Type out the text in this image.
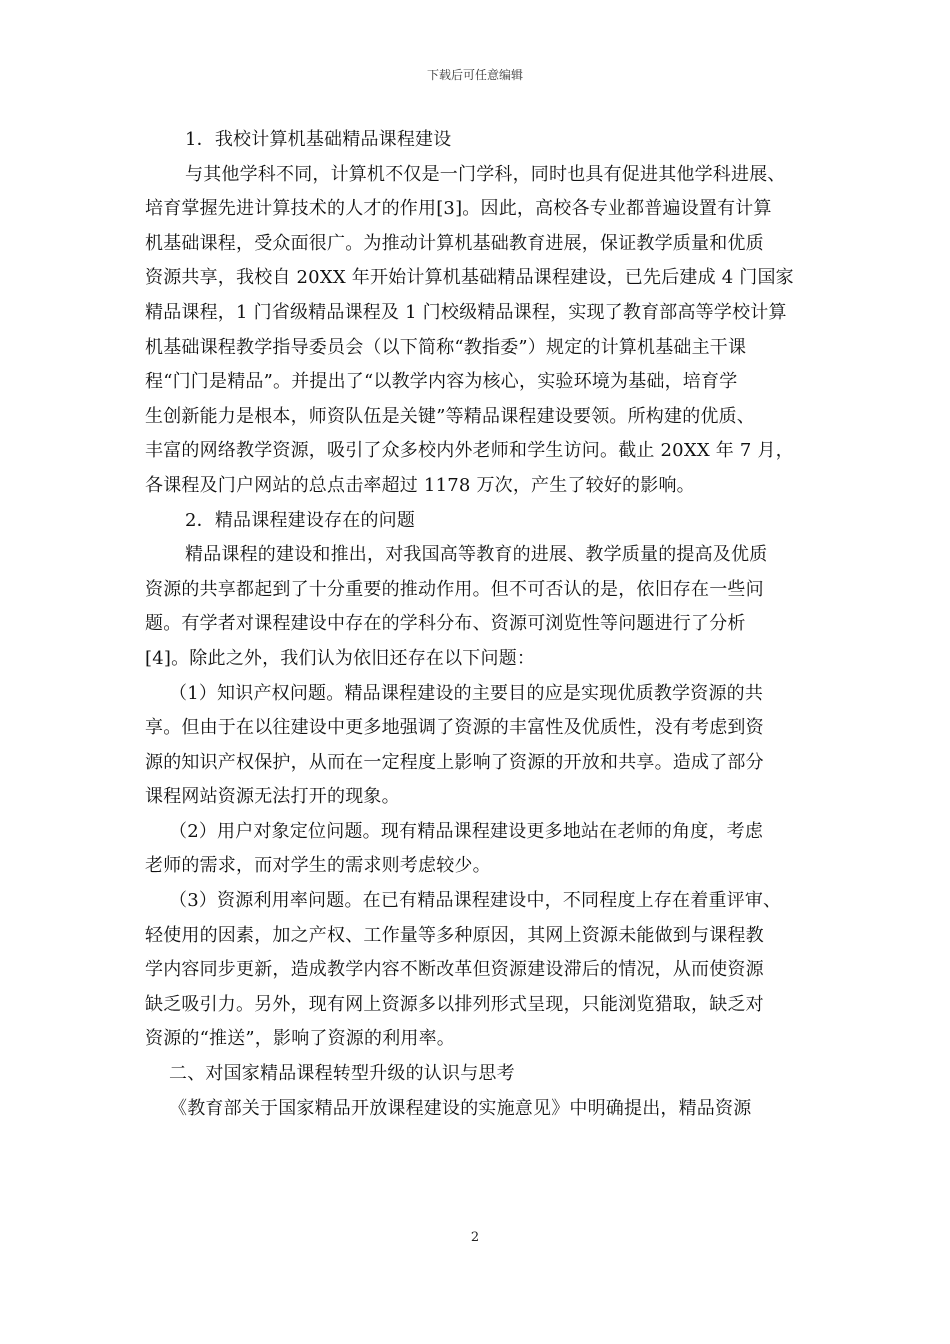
下载后可任意编辑
1．我校计算机基础精品课程建设
与其他学科不同，计算机不仅是一门学科，同时也具有促进其他学科进展、
培育掌握先进计算技术的人才的作用[3]。因此，高校各专业都普遍设置有计算
机基础课程，受众面很广。为推动计算机基础教育进展，保证教学质量和优质
资源共享，我校自 20XX 年开始计算机基础精品课程建设，已先后建成 4 门国家
精品课程，1 门省级精品课程及 1 门校级精品课程，实现了教育部高等学校计算
机基础课程教学指导委员会（以下简称“教指委”）规定的计算机基础主干课
程“门门是精品”。并提出了“以教学内容为核心，实验环境为基础，培育学
生创新能力是根本，师资队伍是关键”等精品课程建设要领。所构建的优质、
丰富的网络教学资源，吸引了众多校内外老师和学生访问。截止 20XX 年 7 月，
各课程及门户网站的总点击率超过 1178 万次，产生了较好的影响。
2．精品课程建设存在的问题
精品课程的建设和推出，对我国高等教育的进展、教学质量的提高及优质
资源的共享都起到了十分重要的推动作用。但不可否认的是，依旧存在一些问
题。有学者对课程建设中存在的学科分布、资源可浏览性等问题进行了分析
[4]。除此之外，我们认为依旧还存在以下问题：
（1）知识产权问题。精品课程建设的主要目的应是实现优质教学资源的共
享。但由于在以往建设中更多地强调了资源的丰富性及优质性，没有考虑到资
源的知识产权保护，从而在一定程度上影响了资源的开放和共享。造成了部分
课程网站资源无法打开的现象。
（2）用户对象定位问题。现有精品课程建设更多地站在老师的角度，考虑
老师的需求，而对学生的需求则考虑较少。
（3）资源利用率问题。在已有精品课程建设中，不同程度上存在着重评审、
轻使用的因素，加之产权、工作量等多种原因，其网上资源未能做到与课程教
学内容同步更新，造成教学内容不断改革但资源建设滞后的情况，从而使资源
缺乏吸引力。另外，现有网上资源多以排列形式呈现，只能浏览猎取，缺乏对
资源的“推送”，影响了资源的利用率。
二、对国家精品课程转型升级的认识与思考
《教育部关于国家精品开放课程建设的实施意见》中明确提出，精品资源
2
